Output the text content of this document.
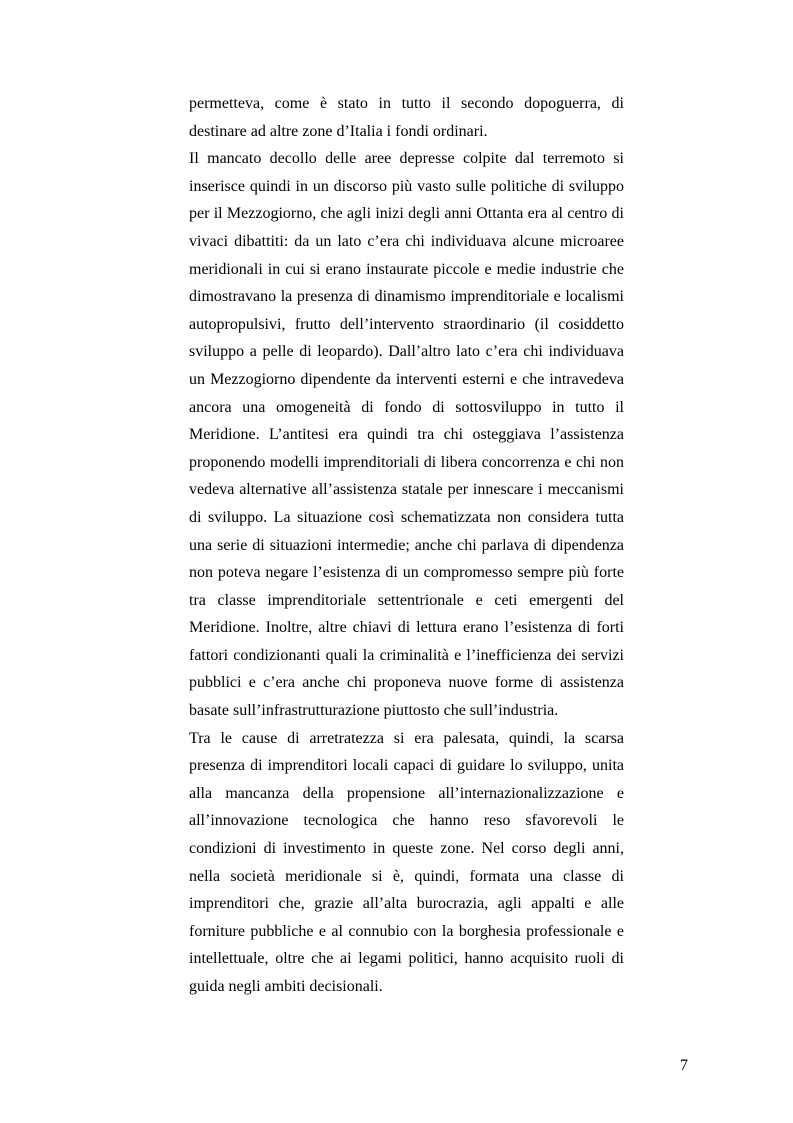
permetteva, come è stato in tutto il secondo dopoguerra, di destinare ad altre zone d’Italia i fondi ordinari.

Il mancato decollo delle aree depresse colpite dal terremoto si inserisce quindi in un discorso più vasto sulle politiche di sviluppo per il Mezzogiorno, che agli inizi degli anni Ottanta era al centro di vivaci dibattiti: da un lato c’era chi individuava alcune microaree meridionali in cui si erano instaurate piccole e medie industrie che dimostravano la presenza di dinamismo imprenditoriale e localismi autopropulsivi, frutto dell’intervento straordinario (il cosiddetto sviluppo a pelle di leopardo). Dall’altro lato c’era chi individuava un Mezzogiorno dipendente da interventi esterni e che intravedeva ancora una omogeneità di fondo di sottosviluppo in tutto il Meridione. L’antitesi era quindi tra chi osteggiava l’assistenza proponendo modelli imprenditoriali di libera concorrenza e chi non vedeva alternative all’assistenza statale per innescare i meccanismi di sviluppo. La situazione così schematizzata non considera tutta una serie di situazioni intermedie; anche chi parlava di dipendenza non poteva negare l’esistenza di un compromesso sempre più forte tra classe imprenditoriale settentrionale e ceti emergenti del Meridione. Inoltre, altre chiavi di lettura erano l’esistenza di forti fattori condizionanti quali la criminalità e l’inefficienza dei servizi pubblici e c’era anche chi proponeva nuove forme di assistenza basate sull’infrastrutturazione piuttosto che sull’industria.

Tra le cause di arretratezza si era palesata, quindi, la scarsa presenza di imprenditori locali capaci di guidare lo sviluppo, unita alla mancanza della propensione all’internazionalizzazione e all’innovazione tecnologica che hanno reso sfavorevoli le condizioni di investimento in queste zone. Nel corso degli anni, nella società meridionale si è, quindi, formata una classe di imprenditori che, grazie all’alta burocrazia, agli appalti e alle forniture pubbliche e al connubio con la borghesia professionale e intellettuale, oltre che ai legami politici, hanno acquisito ruoli di guida negli ambiti decisionali.

7
